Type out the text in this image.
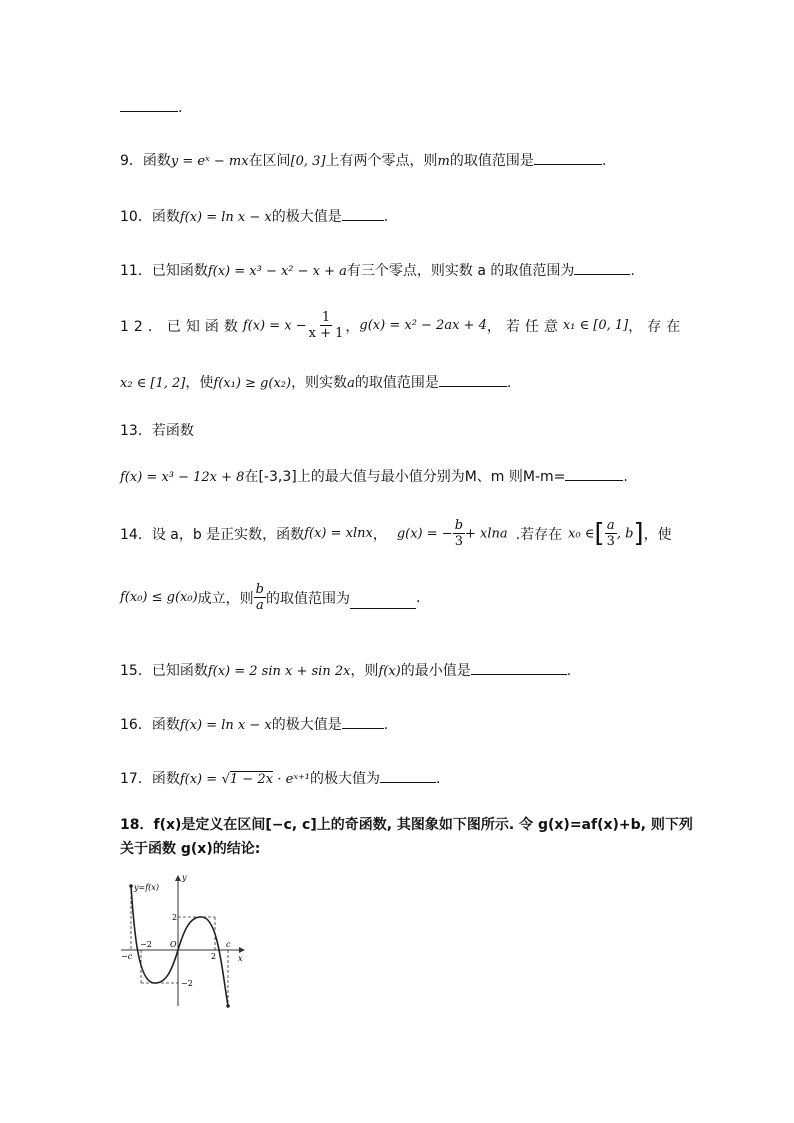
.
9．函数y = eˣ − mx在区间[0, 3]上有两个零点，则m的取值范围是	.
10．函数f(x) = ln x − x的极大值是	.
11．已知函数f(x) = x³ − x² − x + a有三个零点，则实数 a 的取值范围为	.
12．已知函数 $f(x) = x - \frac{1}{x + 1}$ ， g(x) = x² − 2ax + 4 ，若任意 x₁ ∈ [0, 1] ，存在
x₂ ∈ [1, 2]，使f(x₁) ≥ g(x₂)，则实数a的取值范围是	.
13．若函数
f(x) = x³ − 12x + 8在[-3,3]上的最大值与最小值分别为M、m 则M-m=	.
14．设 a，b 是正实数，函数 f(x) = xlnx ， g(x) = − $\frac{b}{3} + xlna$ .若存在 x₀ ∈[ $\frac{a}{3}$ , b] ，使
f(x₀) ≤ g(x₀) 成立，则 $\frac{b}{a}$ 的取值范围为	.
15．已知函数f(x) = 2 sin x + sin 2x，则f(x)的最小值是	.
16．函数f(x) = ln x − x的极大值是	.
17．函数f(x) = √1 − 2x · eˣ⁺¹的极大值为	.
18．f(x)是定义在区间[−c, c]上的奇函数, 其图象如下图所示. 令 g(x)=af(x)+b, 则下列
关于函数 g(x)的结论:
y=f(x)
y
x
O
2
−2
−2
2
c
−c
